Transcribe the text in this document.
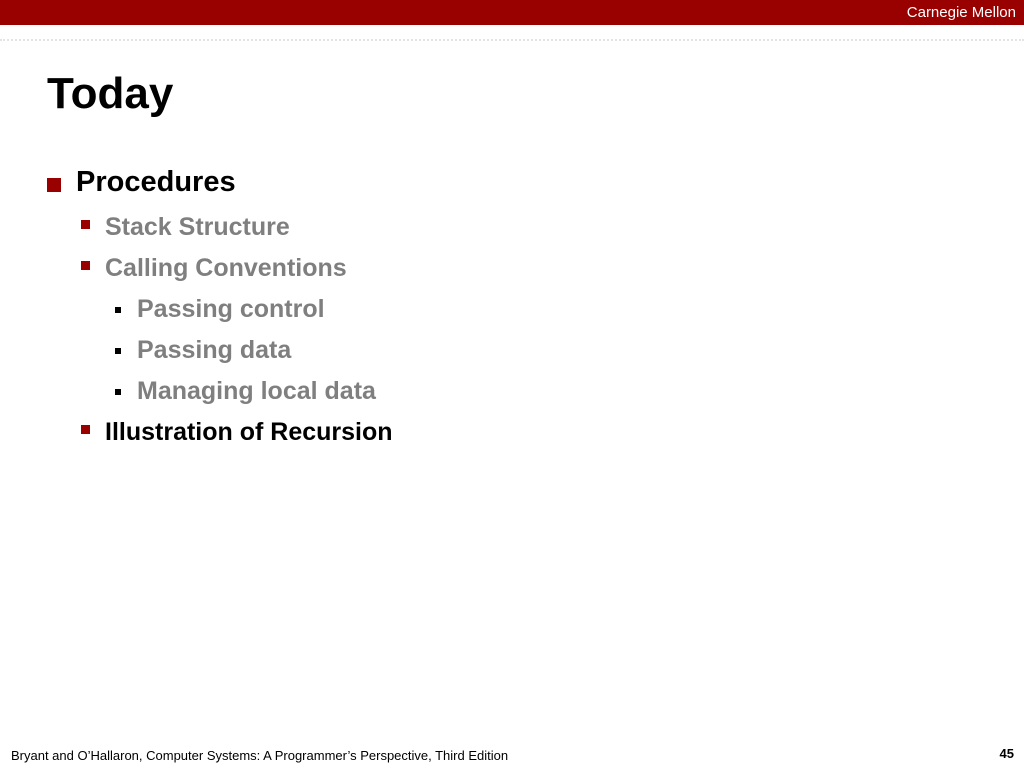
Carnegie Mellon
Today
Procedures
Stack Structure
Calling Conventions
Passing control
Passing data
Managing local data
Illustration of Recursion
Bryant and O’Hallaron, Computer Systems: A Programmer’s Perspective, Third Edition	45
